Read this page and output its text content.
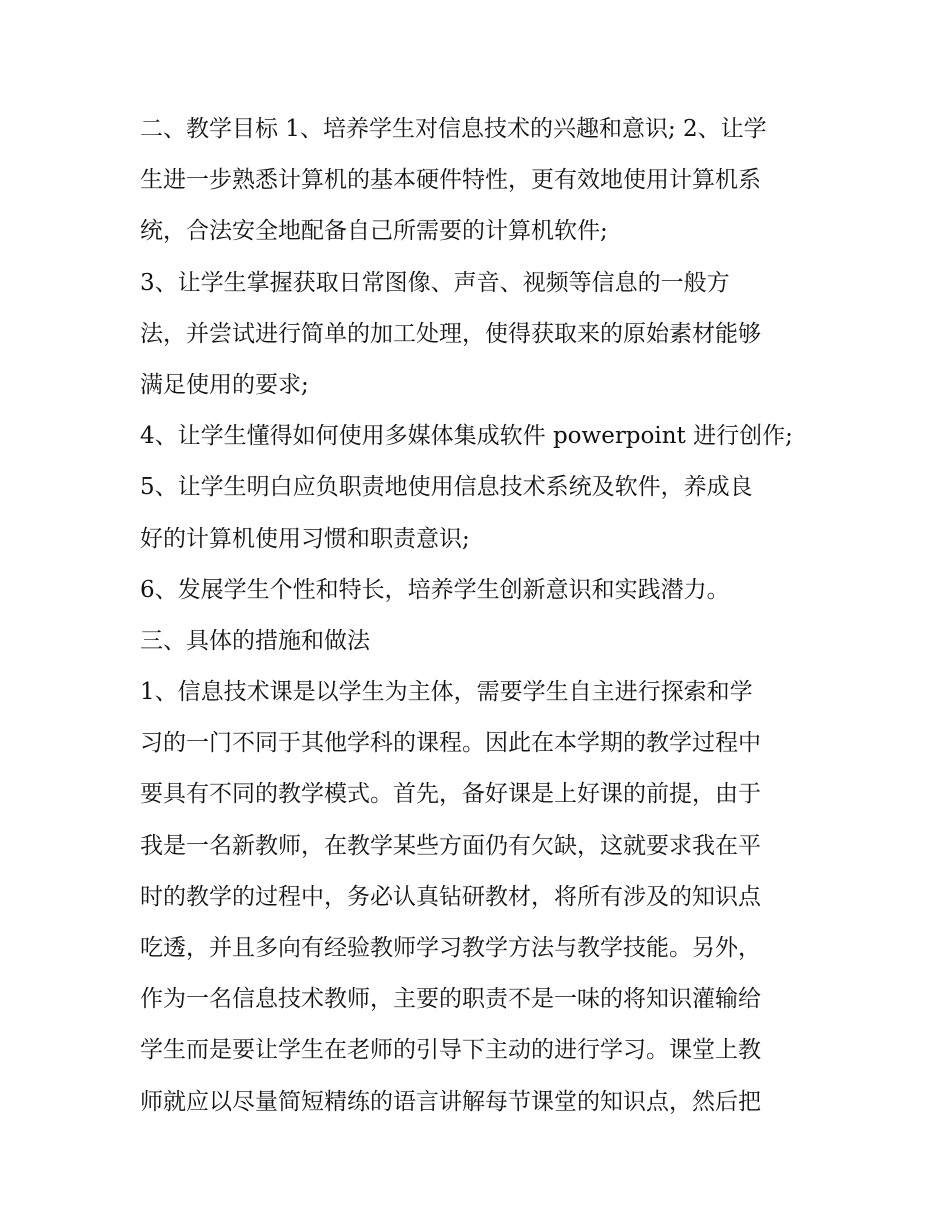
二、教学目标 1、培养学生对信息技术的兴趣和意识; 2、让学
生进一步熟悉计算机的基本硬件特性，更有效地使用计算机系
统，合法安全地配备自己所需要的计算机软件;
3、让学生掌握获取日常图像、声音、视频等信息的一般方
法，并尝试进行简单的加工处理，使得获取来的原始素材能够
满足使用的要求;
4、让学生懂得如何使用多媒体集成软件 powerpoint 进行创作;
5、让学生明白应负职责地使用信息技术系统及软件，养成良
好的计算机使用习惯和职责意识;
6、发展学生个性和特长，培养学生创新意识和实践潜力。
三、具体的措施和做法
1、信息技术课是以学生为主体，需要学生自主进行探索和学
习的一门不同于其他学科的课程。因此在本学期的教学过程中
要具有不同的教学模式。首先，备好课是上好课的前提，由于
我是一名新教师，在教学某些方面仍有欠缺，这就要求我在平
时的教学的过程中，务必认真钻研教材，将所有涉及的知识点
吃透，并且多向有经验教师学习教学方法与教学技能。另外，
作为一名信息技术教师，主要的职责不是一味的将知识灌输给
学生而是要让学生在老师的引导下主动的进行学习。课堂上教
师就应以尽量简短精练的语言讲解每节课堂的知识点，然后把
